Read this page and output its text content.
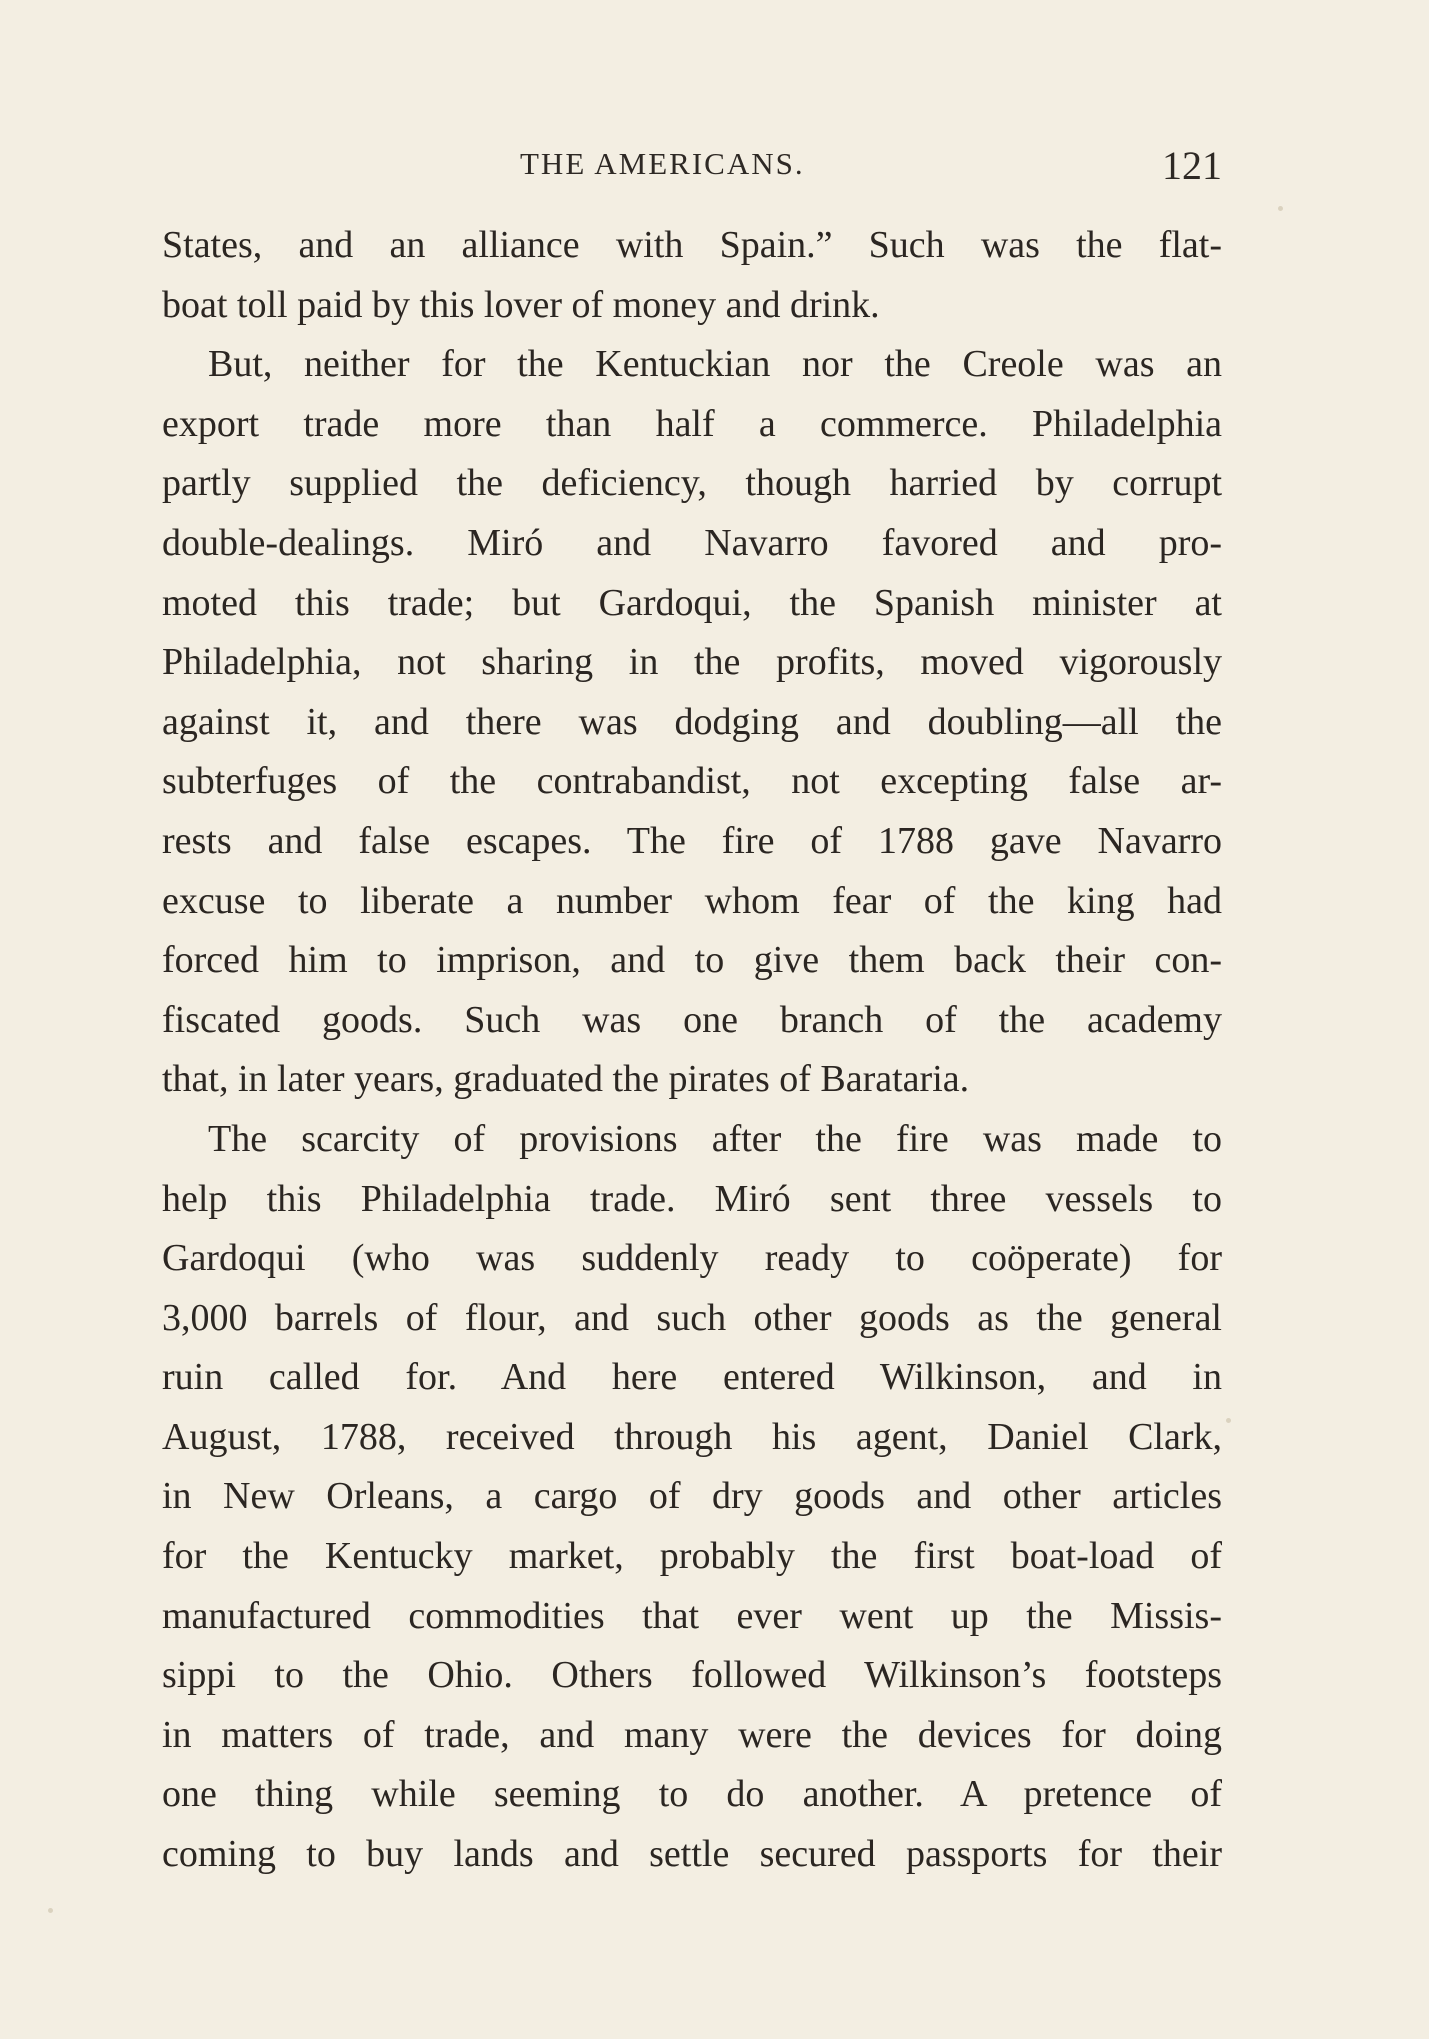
THE AMERICANS.	121
States, and an alliance with Spain.” Such was the flat-
boat toll paid by this lover of money and drink.
But, neither for the Kentuckian nor the Creole was an
export trade more than half a commerce. Philadelphia
partly supplied the deficiency, though harried by corrupt
double-dealings. Miró and Navarro favored and pro-
moted this trade; but Gardoqui, the Spanish minister at
Philadelphia, not sharing in the profits, moved vigorously
against it, and there was dodging and doubling—all the
subterfuges of the contrabandist, not excepting false ar-
rests and false escapes. The fire of 1788 gave Navarro
excuse to liberate a number whom fear of the king had
forced him to imprison, and to give them back their con-
fiscated goods. Such was one branch of the academy
that, in later years, graduated the pirates of Barataria.
The scarcity of provisions after the fire was made to
help this Philadelphia trade. Miró sent three vessels to
Gardoqui (who was suddenly ready to coöperate) for
3,000 barrels of flour, and such other goods as the general
ruin called for. And here entered Wilkinson, and in
August, 1788, received through his agent, Daniel Clark,
in New Orleans, a cargo of dry goods and other articles
for the Kentucky market, probably the first boat-load of
manufactured commodities that ever went up the Missis-
sippi to the Ohio. Others followed Wilkinson’s footsteps
in matters of trade, and many were the devices for doing
one thing while seeming to do another. A pretence of
coming to buy lands and settle secured passports for their
